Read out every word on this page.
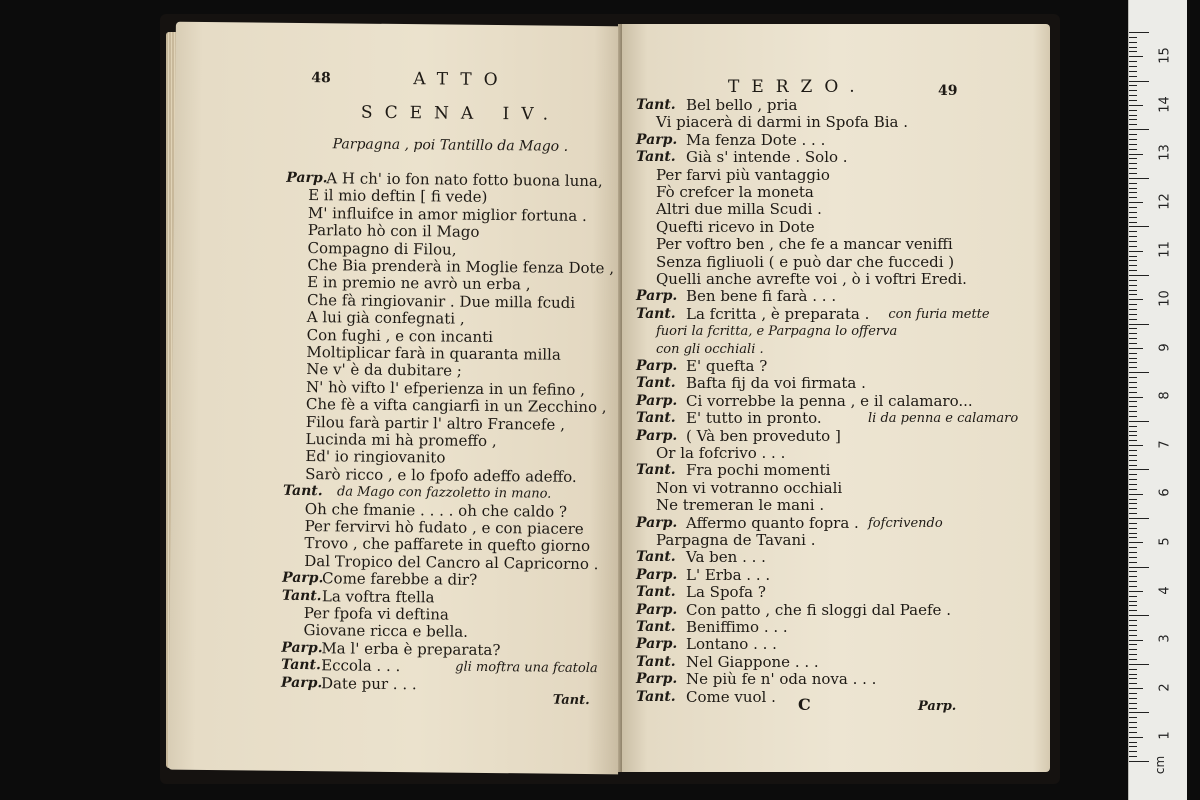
48	ATTO
SCENA IV.
Parpagna , poi Tantillo da Mago .
Parp.
A H ch' io fon nato fotto buona luna,
E il mio deftin [ fi vede)
M' influifce in amor miglior fortuna .
Parlato hò con il Mago
Compagno di Filou,
Che Bia prenderà in Moglie fenza Dote ,
E in premio ne avrò un erba ,
Che fà ringiovanir . Due milla fcudi
A lui già confegnati ,
Con fughi , e con incanti
Moltiplicar farà in quaranta milla
Ne v' è da dubitare ;
N' hò vifto l' efperienza in un fefino ,
Che fè a vifta cangiarfi in un Zecchino ,
Filou farà partir l' altro Francefe ,
Lucinda mi hà promeffo ,
Ed' io ringiovanito
Sarò ricco , e lo fpofo adeffo adeffo.
Tant. da Mago con fazzoletto in mano.
Oh che fmanie . . . . oh che caldo ?
Per fervirvi hò fudato , e con piacere
Trovo , che paffarete in quefto giorno
Dal Tropico del Cancro al Capricorno .
Parp.
Come farebbe a dir?
Tant. La voftra ftella
Per fpofa vi deftina
Giovane ricca e bella.
Parp.
Ma l' erba è preparata?
Tant. Eccola . . .	gli moftra una fcatola
Parp.
Date pur . . .
Tant.
TERZO.	49
Tant. Bel bello , pria
Vi piacerà di darmi in Spofa Bia .
Parp. Ma fenza Dote . . .
Tant. Già s' intende . Solo .
Per farvi più vantaggio
Fò crefcer la moneta
Altri due milla Scudi .
Quefti ricevo in Dote
Per voftro ben , che fe a mancar veniffi
Senza figliuoli ( e può dar che fuccedi )
Quelli anche avrefte voi , ò i voftri Eredi.
Parp. Ben bene fi farà . . .
Tant. La fcritta , è preparata . con furia mette
fuori la fcritta, e Parpagna lo offerva
con gli occhiali .
Parp. E' quefta ?
Tant. Bafta fij da voi firmata .
Parp. Ci vorrebbe la penna , e il calamaro...
Tant. E' tutto in pronto.	li da penna e calamaro
Parp. ( Và ben proveduto ]
Or la fofcrivo . . .
Tant. Fra pochi momenti
Non vi votranno occhiali
Ne tremeran le mani .
Parp. Affermo quanto fopra . fofcrivendo
Parpagna de Tavani .
Tant. Va ben . . .
Parp. L' Erba . . .
Tant. La Spofa ?
Parp. Con patto , che fi sloggi dal Paefe .
Tant. Beniffimo . . .
Parp. Lontano . . .
Tant. Nel Giappone . . .
Parp. Ne più fe n' oda nova . . .
Tant. Come vuol . C	Parp.
cm
15
14
13
12
11
10
9
8
7
6
5
4
3
2
1
